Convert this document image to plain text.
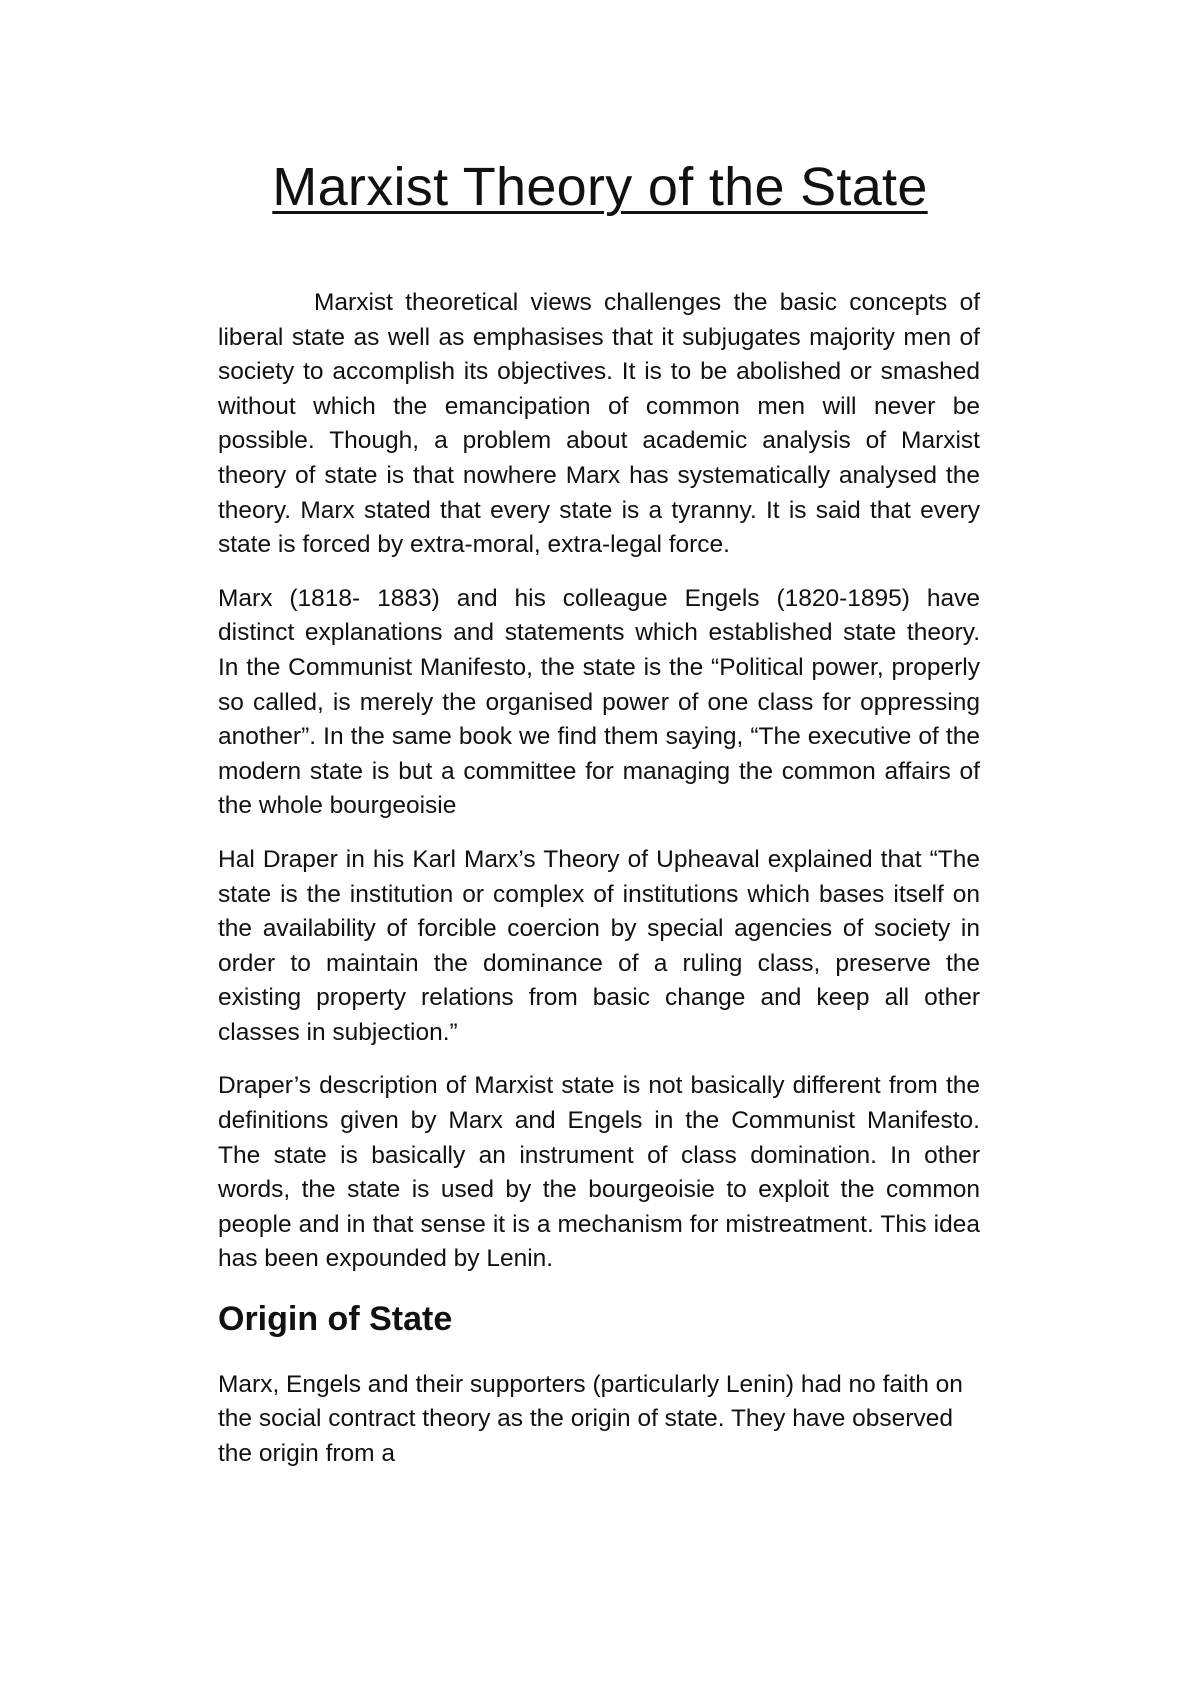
Marxist Theory of the State

Marxist theoretical views challenges the basic concepts of liberal state as well as emphasises that it subjugates majority men of society to accomplish its objectives. It is to be abolished or smashed without which the emancipation of common men will never be possible. Though, a problem about academic analysis of Marxist theory of state is that nowhere Marx has systematically analysed the theory. Marx stated that every state is a tyranny. It is said that every state is forced by extra-moral, extra-legal force.

Marx (1818- 1883) and his colleague Engels (1820-1895) have distinct explanations and statements which established state theory. In the Communist Manifesto, the state is the “Political power, properly so called, is merely the organised power of one class for oppressing another”. In the same book we find them saying, “The executive of the modern state is but a committee for managing the common affairs of the whole bourgeoisie

Hal Draper in his Karl Marx’s Theory of Upheaval explained that “The state is the institution or complex of institutions which bases itself on the availability of forcible coercion by special agencies of society in order to maintain the dominance of a ruling class, preserve the existing property relations from basic change and keep all other classes in subjection.”

Draper’s description of Marxist state is not basically different from the definitions given by Marx and Engels in the Communist Manifesto. The state is basically an instrument of class domination. In other words, the state is used by the bourgeoisie to exploit the common people and in that sense it is a mechanism for mistreatment. This idea has been expounded by Lenin.

Origin of State

Marx, Engels and their supporters (particularly Lenin) had no faith on the social contract theory as the origin of state. They have observed the origin from a
